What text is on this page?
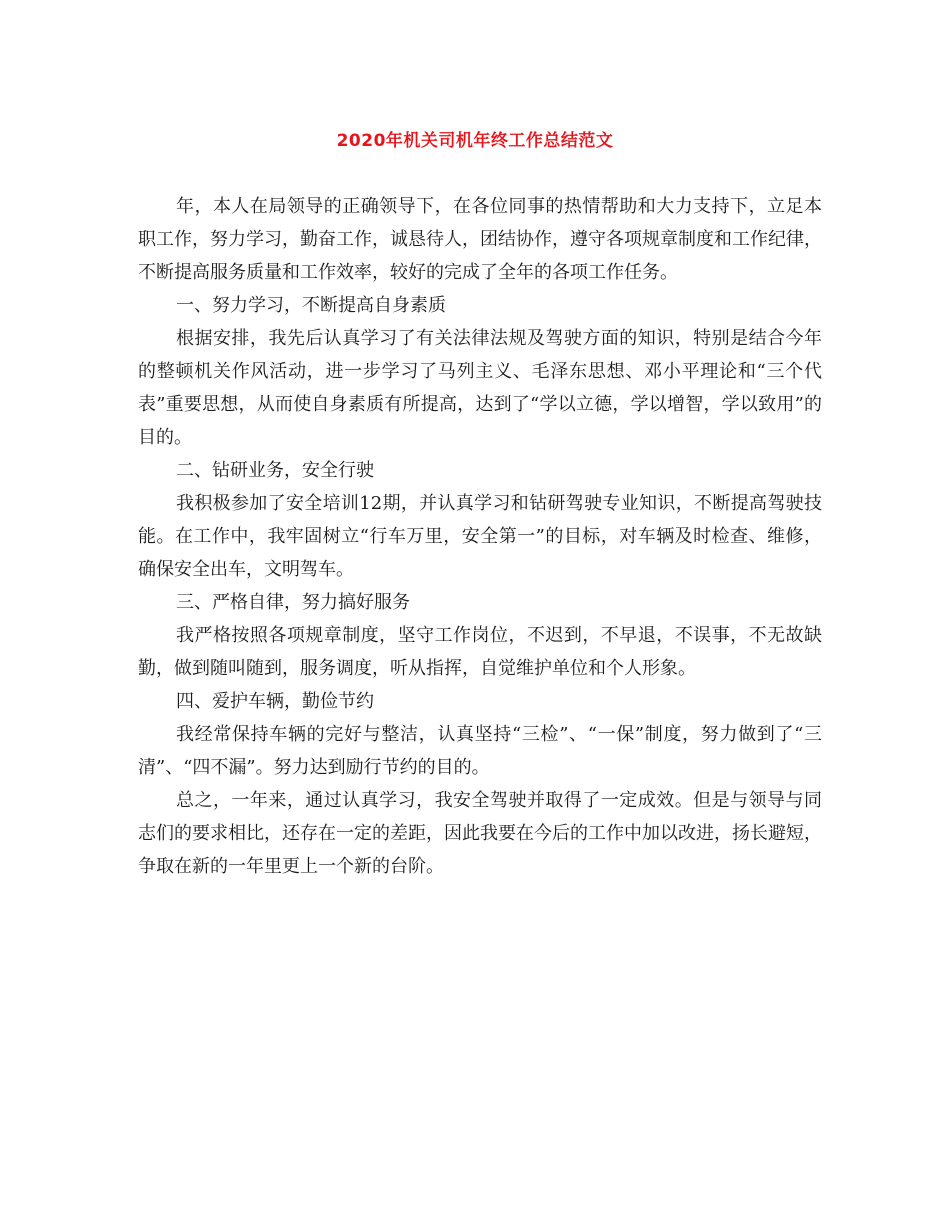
2020年机关司机年终工作总结范文

年，本人在局领导的正确领导下，在各位同事的热情帮助和大力支持下，立足本职工作，努力学习，勤奋工作，诚恳待人，团结协作，遵守各项规章制度和工作纪律，不断提高服务质量和工作效率，较好的完成了全年的各项工作任务。

一、努力学习，不断提高自身素质

根据安排，我先后认真学习了有关法律法规及驾驶方面的知识，特别是结合今年的整顿机关作风活动，进一步学习了马列主义、毛泽东思想、邓小平理论和“三个代表”重要思想，从而使自身素质有所提高，达到了“学以立德，学以增智，学以致用”的目的。

二、钻研业务，安全行驶

我积极参加了安全培训12期，并认真学习和钻研驾驶专业知识，不断提高驾驶技能。在工作中，我牢固树立“行车万里，安全第一”的目标，对车辆及时检查、维修，确保安全出车，文明驾车。

三、严格自律，努力搞好服务

我严格按照各项规章制度，坚守工作岗位，不迟到，不早退，不误事，不无故缺勤，做到随叫随到，服务调度，听从指挥，自觉维护单位和个人形象。

四、爱护车辆，勤俭节约

我经常保持车辆的完好与整洁，认真坚持“三检”、“一保”制度，努力做到了“三清”、“四不漏”。努力达到励行节约的目的。

总之，一年来，通过认真学习，我安全驾驶并取得了一定成效。但是与领导与同志们的要求相比，还存在一定的差距，因此我要在今后的工作中加以改进，扬长避短，争取在新的一年里更上一个新的台阶。
